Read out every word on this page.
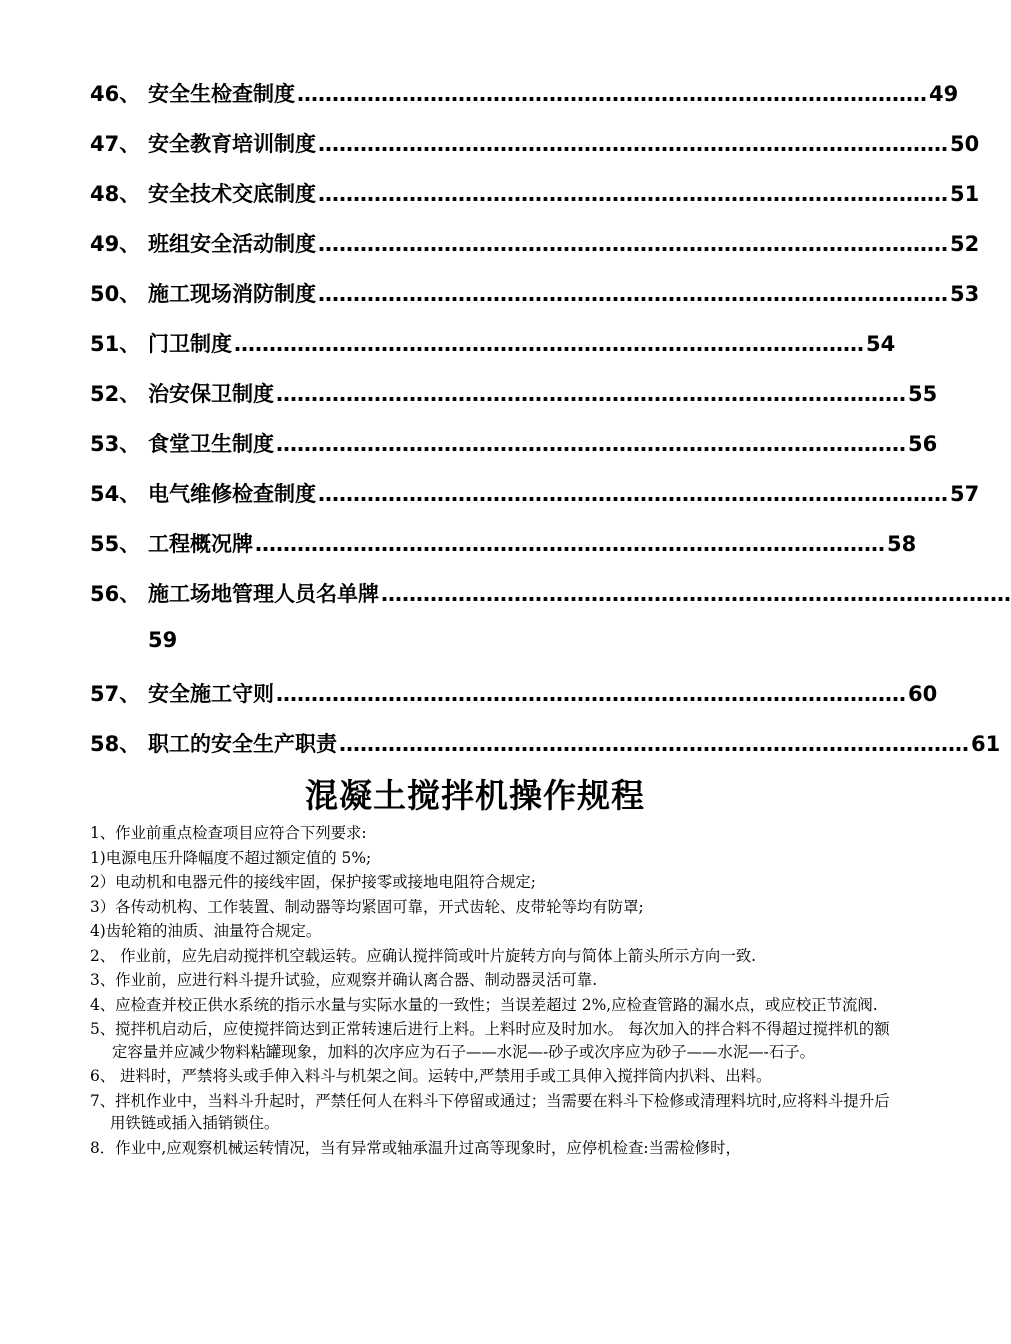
46、 安全生检查制度 ……………………………………………………………………………… 49
47、 安全教育培训制度 ……………………………………………………………………………… 50
48、 安全技术交底制度 ……………………………………………………………………………… 51
49、 班组安全活动制度 ……………………………………………………………………………… 52
50、 施工现场消防制度 ……………………………………………………………………………… 53
51、 门卫制度 ……………………………………………………………………………… 54
52、 治安保卫制度 ……………………………………………………………………………… 55
53、 食堂卫生制度 ……………………………………………………………………………… 56
54、 电气维修检查制度 ……………………………………………………………………………… 57
55、 工程概况牌 ……………………………………………………………………………… 58
56、 施工场地管理人员名单牌 ………………………………………………………………………………
59
57、 安全施工守则 ……………………………………………………………………………… 60
58、 职工的安全生产职责 ……………………………………………………………………………… 61
混凝土搅拌机操作规程

1、作业前重点检查项目应符合下列要求:

1)电源电压升降幅度不超过额定值的 5%;

2）电动机和电器元件的接线牢固，保护接零或接地电阻符合规定;

3）各传动机构、工作装置、制动器等均紧固可靠，开式齿轮、皮带轮等均有防罩;

4)齿轮箱的油质、油量符合规定。

2、 作业前，应先启动搅拌机空载运转。应确认搅拌筒或叶片旋转方向与简体上箭头所示方向一致.

3、作业前，应进行料斗提升试验，应观察并确认离合器、制动器灵活可靠.

4、应检查并校正供水系统的指示水量与实际水量的一致性；当误差超过 2%,应检查管路的漏水点，或应校正节流阀.

5、搅拌机启动后，应使搅拌筒达到正常转速后进行上料。上料时应及时加水。 每次加入的拌合料不得超过搅拌机的额定容量并应减少物料粘罐现象，加料的次序应为石子——水泥—-砂子或次序应为砂子——水泥—-石子。

6、 进料时，严禁将头或手伸入料斗与机架之间。运转中,严禁用手或工具伸入搅拌筒内扒料、出料。

7、拌机作业中，当料斗升起时，严禁任何人在料斗下停留或通过；当需要在料斗下检修或清理料坑时,应将料斗提升后用铁链或插入插销锁住。

8．作业中,应观察机械运转情况，当有异常或轴承温升过高等现象时，应停机检查:当需检修时，
